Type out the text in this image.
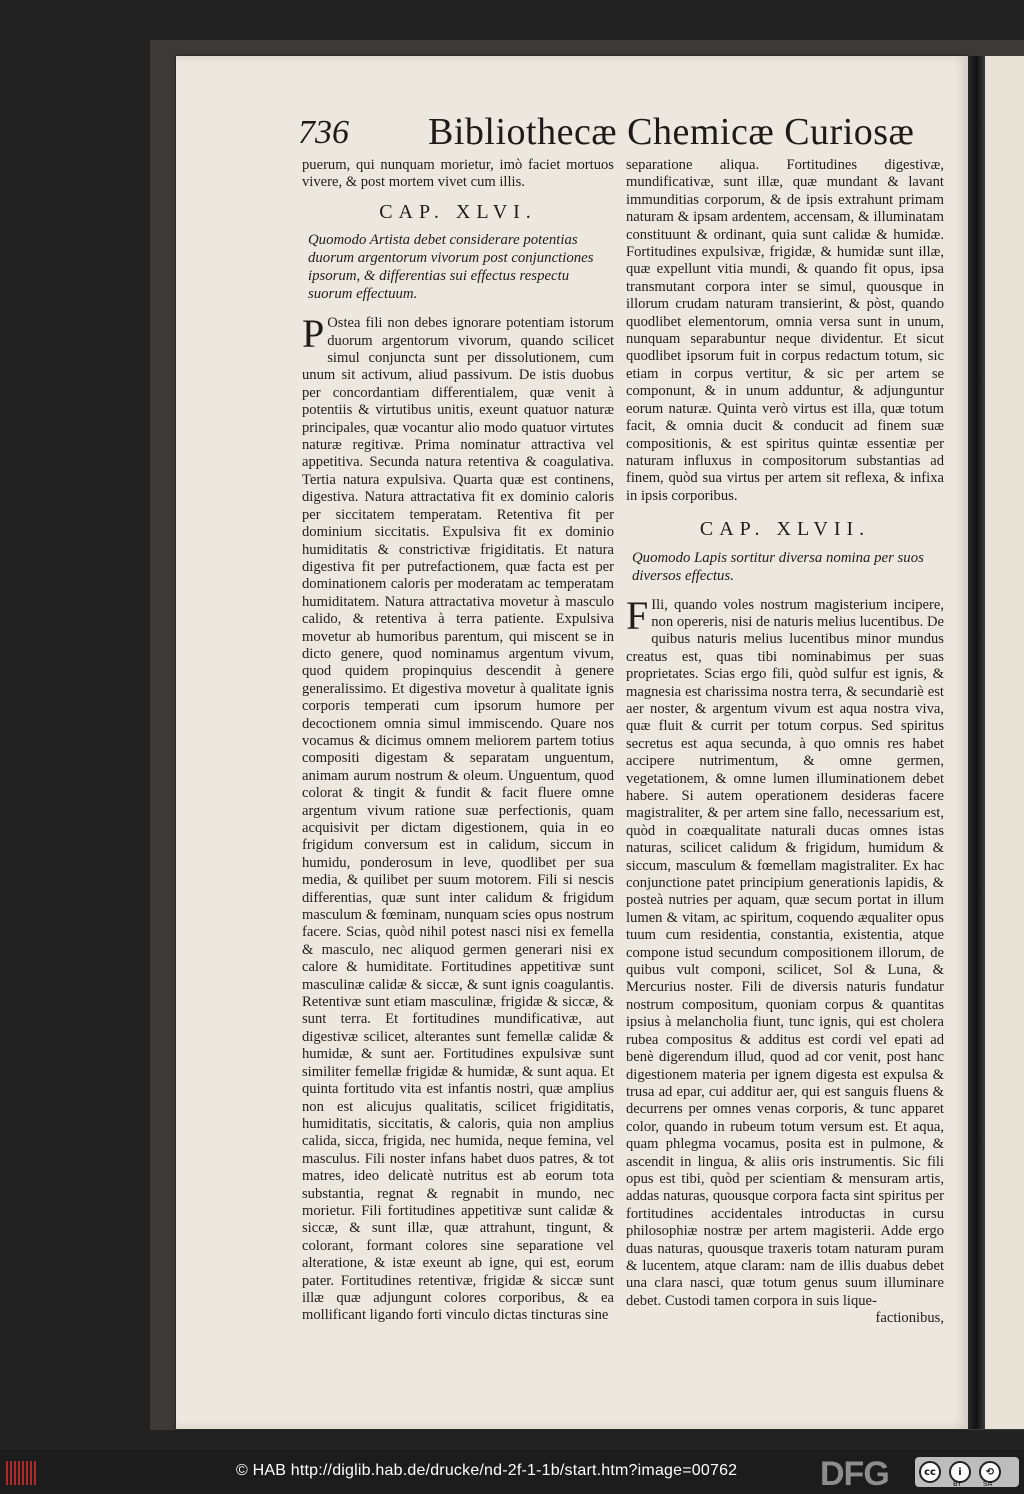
736 Bibliothecæ Chemicæ Curiosæ

puerum, qui nunquam morietur, imò faciet mortuos vivere, & post mortem vivet cum illis.

CAP. XLVI.
Quomodo Artista debet considerare potentias duorum argentorum vivorum post conjunctiones ipsorum, & differentias sui effectus respectu suorum effectuum.

P Ostea fili non debes ignorare potentiam istorum duorum argentorum vivorum, quando scilicet simul conjuncta sunt per dissolutionem, cum unum sit activum, aliud passivum. De istis duobus per concordantiam differentialem, quæ venit à potentiis & virtutibus unitis, exeunt quatuor naturæ principales, quæ vocantur alio modo quatuor virtutes naturæ regitivæ. Prima nominatur attractiva vel appetitiva. Secunda natura retentiva & coagulativa. Tertia natura expulsiva. Quarta quæ est continens, digestiva. Natura attractativa fit ex dominio caloris per siccitatem temperatam. Retentiva fit per dominium siccitatis. Expulsiva fit ex dominio humiditatis & constrictivæ frigiditatis. Et natura digestiva fit per putrefactionem, quæ facta est per dominationem caloris per moderatam ac temperatam humiditatem. Natura attractativa movetur à masculo calido, & retentiva à terra patiente. Expulsiva movetur ab humoribus parentum, qui miscent se in dicto genere, quod nominamus argentum vivum, quod quidem propinquius descendit à genere generalissimo. Et digestiva movetur à qualitate ignis corporis temperati cum ipsorum humore per decoctionem omnia simul immiscendo. Quare nos vocamus & dicimus omnem meliorem partem totius compositi digestam & separatam unguentum, animam aurum nostrum & oleum. Unguentum, quod colorat & tingit & fundit & facit fluere omne argentum vivum ratione suæ perfectionis, quam acquisivit per dictam digestionem, quia in eo frigidum conversum est in calidum, siccum in humidu, ponderosum in leve, quodlibet per sua media, & quilibet per suum motorem. Fili si nescis differentias, quæ sunt inter calidum & frigidum masculum & fœminam, nunquam scies opus nostrum facere. Scias, quòd nihil potest nasci nisi ex femella & masculo, nec aliquod germen generari nisi ex calore & humiditate. Fortitudines appetitivæ sunt masculinæ calidæ & siccæ, & sunt ignis coagulantis. Retentivæ sunt etiam masculinæ, frigidæ & siccæ, & sunt terra. Et fortitudines mundificativæ, aut digestivæ scilicet, alterantes sunt femellæ calidæ & humidæ, & sunt aer. Fortitudines expulsivæ sunt similiter femellæ frigidæ & humidæ, & sunt aqua. Et quinta fortitudo vita est infantis nostri, quæ amplius non est alicujus qualitatis, scilicet frigiditatis, humiditatis, siccitatis, & caloris, quia non amplius calida, sicca, frigida, nec humida, neque femina, vel masculus. Fili noster infans habet duos patres, & tot matres, ideo delicatè nutritus est ab eorum tota substantia, regnat & regnabit in mundo, nec morietur. Fili fortitudines appetitivæ sunt calidæ & siccæ, & sunt illæ, quæ attrahunt, tingunt, & colorant, formant colores sine separatione vel alteratione, & istæ exeunt ab igne, qui est, eorum pater. Fortitudines retentivæ, frigidæ & siccæ sunt illæ quæ adjungunt colores corporibus, & ea mollificant ligando forti vinculo dictas tincturas sine

separatione aliqua. Fortitudines digestivæ, mundificativæ, sunt illæ, quæ mundant & lavant immunditias corporum, & de ipsis extrahunt primam naturam & ipsam ardentem, accensam, & illuminatam constituunt & ordinant, quia sunt calidæ & humidæ. Fortitudines expulsivæ, frigidæ, & humidæ sunt illæ, quæ expellunt vitia mundi, & quando fit opus, ipsa transmutant corpora inter se simul, quousque in illorum crudam naturam transierint, & pòst, quando quodlibet elementorum, omnia versa sunt in unum, nunquam separabuntur neque dividentur. Et sicut quodlibet ipsorum fuit in corpus redactum totum, sic etiam in corpus vertitur, & sic per artem se componunt, & in unum adduntur, & adjunguntur eorum naturæ. Quinta verò virtus est illa, quæ totum facit, & omnia ducit & conducit ad finem suæ compositionis, & est spiritus quintæ essentiæ per naturam influxus in compositorum substantias ad finem, quòd sua virtus per artem sit reflexa, & infixa in ipsis corporibus.

CAP. XLVII.
Quomodo Lapis sortitur diversa nomina per suos diversos effectus.

F Ili, quando voles nostrum magisterium incipere, non opereris, nisi de naturis melius lucentibus. De quibus naturis melius lucentibus minor mundus creatus est, quas tibi nominabimus per suas proprietates. Scias ergo fili, quòd sulfur est ignis, & magnesia est charissima nostra terra, & secundariè est aer noster, & argentum vivum est aqua nostra viva, quæ fluit & currit per totum corpus. Sed spiritus secretus est aqua secunda, à quo omnis res habet accipere nutrimentum, & omne germen, vegetationem, & omne lumen illuminationem debet habere. Si autem operationem desideras facere magistraliter, & per artem sine fallo, necessarium est, quòd in coæqualitate naturali ducas omnes istas naturas, scilicet calidum & frigidum, humidum & siccum, masculum & fœmellam magistraliter. Ex hac conjunctione patet principium generationis lapidis, & posteà nutries per aquam, quæ secum portat in illum lumen & vitam, ac spiritum, coquendo æqualiter opus tuum cum residentia, constantia, existentia, atque compone istud secundum compositionem illorum, de quibus vult componi, scilicet, Sol & Luna, & Mercurius noster. Fili de diversis naturis fundatur nostrum compositum, quoniam corpus & quantitas ipsius à melancholia fiunt, tunc ignis, qui est cholera rubea compositus & additus est cordi vel epati ad benè digerendum illud, quod ad cor venit, post hanc digestionem materia per ignem digesta est expulsa & trusa ad epar, cui additur aer, qui est sanguis fluens & decurrens per omnes venas corporis, & tunc apparet color, quando in rubeum totum versum est. Et aqua, quam phlegma vocamus, posita est in pulmone, & ascendit in lingua, & aliis oris instrumentis. Sic fili opus est tibi, quòd per scientiam & mensuram artis, addas naturas, quousque corpora facta sint spiritus per fortitudines accidentales introductas in cursu philosophiæ nostræ per artem magisterii. Adde ergo duas naturas, quousque traxeris totam naturam puram & lucentem, atque claram: nam de illis duabus debet una clara nasci, quæ totum genus suum illuminare debet. Custodi tamen corpora in suis lique-

factionibus,

© HAB http://diglib.hab.de/drucke/nd-2f-1-1b/start.htm?image=00762 DFG	cc	i	⟲
BY	SA
